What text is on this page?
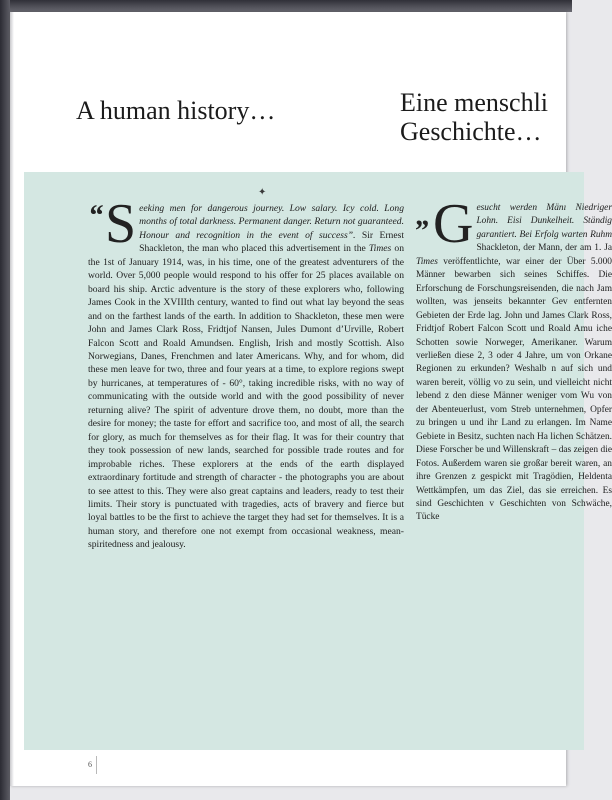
A human history…	Eine menschli
Geschichte…
✦

“ S eeking men for dangerous journey. Low salary. Icy cold. Long months of total darkness. Permanent danger. Return not guaranteed. Honour and recognition in the event of success”. Sir Ernest Shackleton, the man who placed this advertisement in the Times on the 1st of January 1914, was, in his time, one of the greatest adventurers of the world. Over 5,000 people would respond to his offer for 25 places available on board his ship. Arctic adventure is the story of these explorers who, following James Cook in the XVIIIth century, wanted to find out what lay beyond the seas and on the farthest lands of the earth. In addition to Shackleton, these men were John and James Clark Ross, Fridtjof Nansen, Jules Dumont d’Urville, Robert Falcon Scott and Roald Amundsen. English, Irish and mostly Scottish. Also Norwegians, Danes, Frenchmen and later Americans. Why, and for whom, did these men leave for two, three and four years at a time, to explore regions swept by hurricanes, at temperatures of - 60°, taking incredible risks, with no way of communicating with the outside world and with the good possibility of never returning alive? The spirit of adventure drove them, no doubt, more than the desire for money; the taste for effort and sacrifice too, and most of all, the search for glory, as much for themselves as for their flag. It was for their country that they took possession of new lands, searched for possible trade routes and for improbable riches. These explorers at the ends of the earth displayed extraordinary fortitude and strength of character - the photographs you are about to see attest to this. They were also great captains and leaders, ready to test their limits. Their story is punctuated with tragedies, acts of bravery and fierce but loyal battles to be the first to achieve the target they had set for themselves. It is a human story, and therefore one not exempt from occasional weakness, mean-spiritedness and jealousy.

„ G esucht werden Mänı Niedriger Lohn. Eisi Dunkelheit. Ständig garantiert. Bei Erfolg warten Ruhm Shackleton, der Mann, der am 1. Ja Times veröffentlichte, war einer der Über 5.000 Männer bewarben sich seines Schiffes. Die Erforschung de Forschungsreisenden, die nach Jam wollten, was jenseits bekannter Gev entfernten Gebieten der Erde lag. John und James Clark Ross, Fridtjof Robert Falcon Scott und Roald Amu iche Schotten sowie Norweger, Amerikaner. Warum verließen diese 2, 3 oder 4 Jahre, um von Orkane Regionen zu erkunden? Weshalb n auf sich und waren bereit, völlig vo zu sein, und vielleicht nicht lebend z den diese Männer weniger vom Wu von der Abenteuerlust, vom Streb unternehmen, Opfer zu bringen u und ihr Land zu erlangen. Im Name Gebiete in Besitz, suchten nach Ha lichen Schätzen. Diese Forscher be und Willenskraft – das zeigen die Fotos. Außerdem waren sie großar bereit waren, an ihre Grenzen z gespickt mit Tragödien, Heldenta Wettkämpfen, um das Ziel, das sie erreichen. Es sind Geschichten v Geschichten von Schwäche, Tücke

6
